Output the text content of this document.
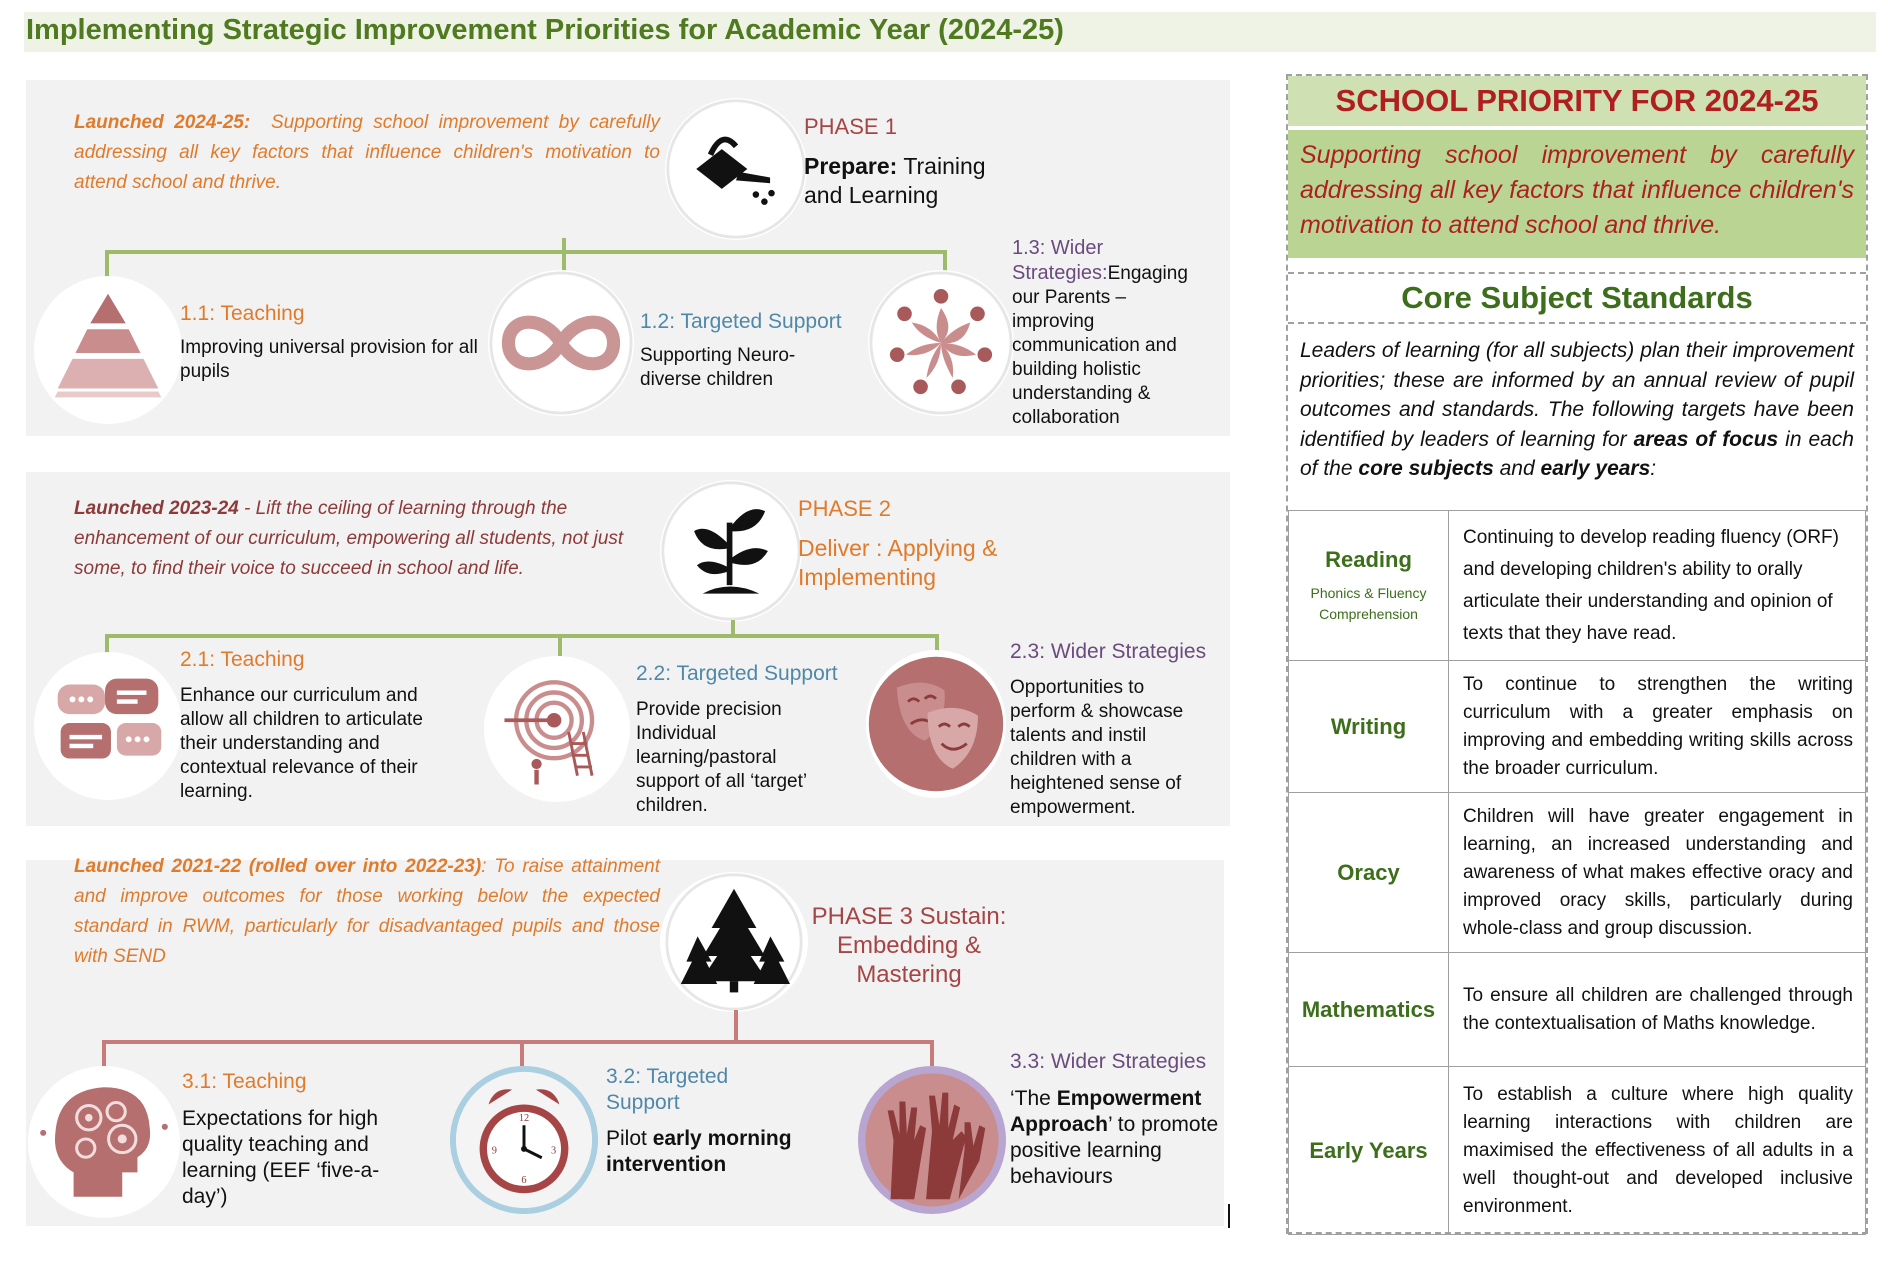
Implementing Strategic Improvement Priorities for Academic Year (2024-25)
Launched 2024-25: Supporting school improvement by carefully addressing all key factors that influence children's motivation to attend school and thrive.
PHASE 1
Prepare: Training and Learning
1.1: Teaching
Improving universal provision for all pupils
1.2: Targeted Support
Supporting Neuro-diverse children
1.3: Wider Strategies:Engaging our Parents – improving communication and building holistic understanding & collaboration
Launched 2023-24 - Lift the ceiling of learning through the enhancement of our curriculum, empowering all students, not just some, to find their voice to succeed in school and life.
PHASE 2
Deliver : Applying & Implementing
2.1: Teaching
Enhance our curriculum and allow all children to articulate their understanding and contextual relevance of their learning.
2.2: Targeted Support
Provide precision Individual learning/pastoral support of all ‘target’ children.
2.3: Wider Strategies
Opportunities to perform & showcase talents and instil children with a heightened sense of empowerment.
Launched 2021-22 (rolled over into 2022-23): To raise attainment and improve outcomes for those working below the expected standard in RWM, particularly for disadvantaged pupils and those with SEND
PHASE 3 Sustain:
Embedding & Mastering
3.1: Teaching
Expectations for high quality teaching and learning (EEF ‘five-a-day’)
12
3
6
9
3.2: Targeted Support
Pilot early morning intervention
3.3: Wider Strategies
‘The Empowerment Approach’ to promote positive learning behaviours
SCHOOL PRIORITY FOR 2024-25
Supporting school improvement by carefully addressing all key factors that influence children's motivation to attend school and thrive.
Core Subject Standards
Leaders of learning (for all subjects) plan their improvement priorities; these are informed by an annual review of pupil outcomes and standards. The following targets have been identified by leaders of learning for areas of focus in each of the core subjects and early years:
Reading
Phonics & Fluency
Comprehension	Continuing to develop reading fluency (ORF) and developing children's ability to orally articulate their understanding and opinion of texts that they have read.

Writing	To continue to strengthen the writing curriculum with a greater emphasis on improving and embedding writing skills across the broader curriculum.

Oracy	Children will have greater engagement in learning, an increased understanding and awareness of what makes effective oracy and improved oracy skills, particularly during whole-class and group discussion.

Mathematics	To ensure all children are challenged through the contextualisation of Maths knowledge.

Early Years	To establish a culture where high quality learning interactions with children are maximised the effectiveness of all adults in a well thought-out and developed inclusive environment.
